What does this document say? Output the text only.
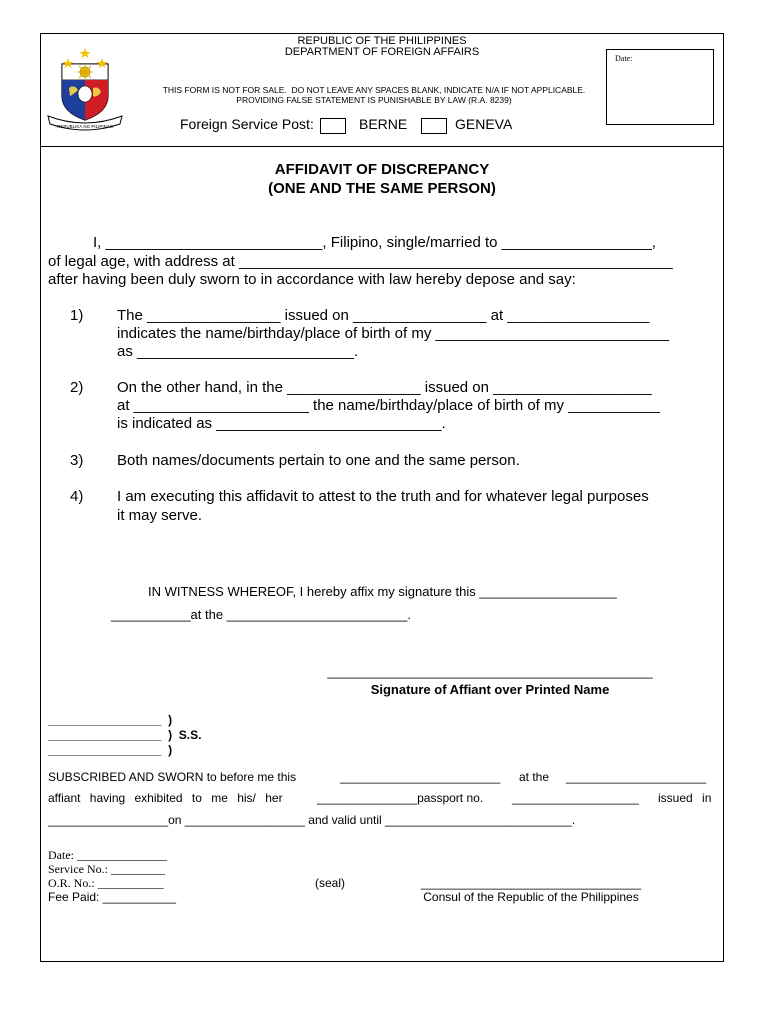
REPUBLIKA NG PILIPINAS
REPUBLIC OF THE PHILIPPINES
DEPARTMENT OF FOREIGN AFFAIRS
THIS FORM IS NOT FOR SALE.  DO NOT LEAVE ANY SPACES BLANK, INDICATE N/A IF NOT APPLICABLE.
PROVIDING FALSE STATEMENT IS PUNISHABLE BY LAW (R.A. 8239)
Foreign Service Post:	BERNE	GENEVA
Date:
AFFIDAVIT OF DISCREPANCY
(ONE AND THE SAME PERSON)
I, __________________________, Filipino, single/married to __________________,
of legal age, with address at ____________________________________________________
after having been duly sworn to in accordance with law hereby depose and say:
1) The ________________ issued on ________________ at _________________
indicates the name/birthday/place of birth of my ____________________________
as __________________________.
2) On the other hand, in the ________________ issued on ___________________
at _____________________ the name/birthday/place of birth of my ___________
is indicated as ___________________________.
3) Both names/documents pertain to one and the same person.
4) I am executing this affidavit to attest to the truth and for whatever legal purposes
it may serve.
IN WITNESS WHEREOF, I hereby affix my signature this ___________________
___________at the _________________________.
_____________________________________________
Signature of Affiant over Printed Name
_________________  )
_________________  )  S.S.
_________________  )
SUBSCRIBED AND SWORN to before me this	________________________ at the _____________________
affiant having exhibited to me his/ her	_______________passport no. ___________________ issued in
__________________on __________________ and valid until ____________________________.
Date: _______________
Service No.: _________
O.R. No.: ___________
Fee Paid: ___________
(seal)	_________________________________
Consul of the Republic of the Philippines
